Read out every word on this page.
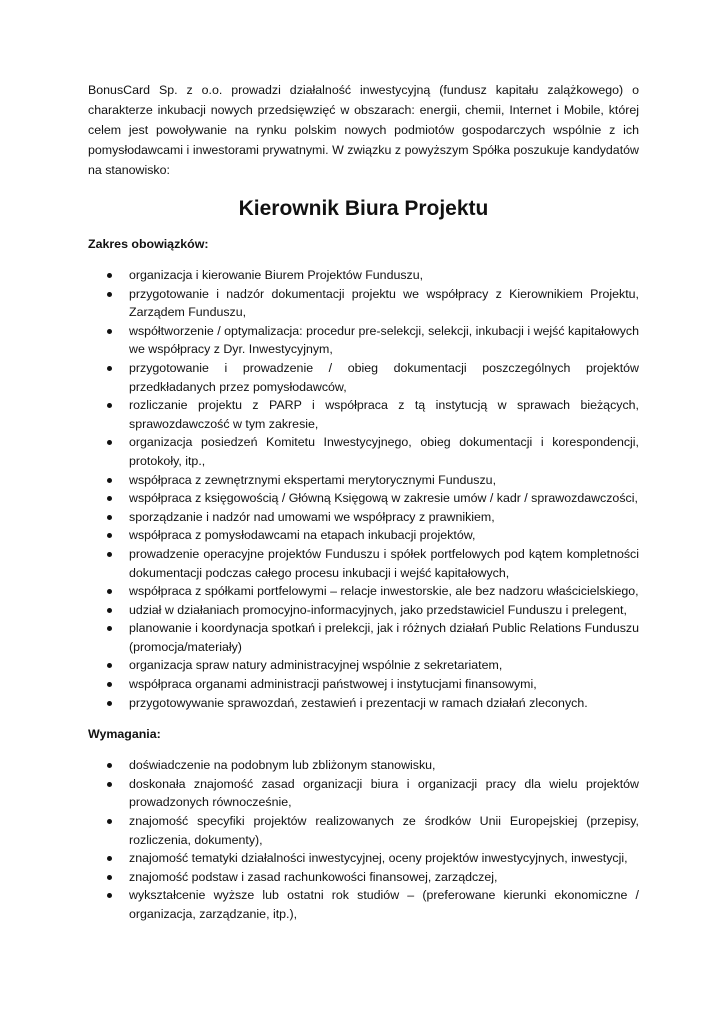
BonusCard Sp. z o.o. prowadzi działalność inwestycyjną (fundusz kapitału zalążkowego) o charakterze inkubacji nowych przedsięwzięć w obszarach: energii, chemii, Internet i Mobile, której celem jest powoływanie na rynku polskim nowych podmiotów gospodarczych wspólnie z ich pomysłodawcami i inwestorami prywatnymi. W związku z powyższym Spółka poszukuje kandydatów na stanowisko:

Kierownik Biura Projektu
Zakres obowiązków:
organizacja i kierowanie Biurem Projektów Funduszu,
przygotowanie i nadzór dokumentacji projektu we współpracy z Kierownikiem Projektu, Zarządem Funduszu,
współtworzenie / optymalizacja: procedur pre-selekcji, selekcji, inkubacji i wejść kapitałowych we współpracy z Dyr. Inwestycyjnym,
przygotowanie i prowadzenie / obieg dokumentacji poszczególnych projektów przedkładanych przez pomysłodawców,
rozliczanie projektu z PARP i współpraca z tą instytucją w sprawach bieżących, sprawozdawczość w tym zakresie,
organizacja posiedzeń Komitetu Inwestycyjnego, obieg dokumentacji i korespondencji, protokoły, itp.,
współpraca z zewnętrznymi ekspertami merytorycznymi Funduszu,
współpraca z księgowością / Główną Księgową w zakresie umów / kadr / sprawozdawczości,
sporządzanie i nadzór nad umowami we współpracy z prawnikiem,
współpraca z pomysłodawcami na etapach inkubacji projektów,
prowadzenie operacyjne projektów Funduszu i spółek portfelowych pod kątem kompletności dokumentacji podczas całego procesu inkubacji i wejść kapitałowych,
współpraca z spółkami portfelowymi – relacje inwestorskie, ale bez nadzoru właścicielskiego,
udział w działaniach promocyjno-informacyjnych, jako przedstawiciel Funduszu i prelegent,
planowanie i koordynacja spotkań i prelekcji, jak i różnych działań Public Relations Funduszu (promocja/materiały)
organizacja spraw natury administracyjnej wspólnie z sekretariatem,
współpraca organami administracji państwowej i instytucjami finansowymi,
przygotowywanie sprawozdań, zestawień i prezentacji w ramach działań zleconych.
Wymagania:
doświadczenie na podobnym lub zbliżonym stanowisku,
doskonała znajomość zasad organizacji biura i organizacji pracy dla wielu projektów prowadzonych równocześnie,
znajomość specyfiki projektów realizowanych ze środków Unii Europejskiej (przepisy, rozliczenia, dokumenty),
znajomość tematyki działalności inwestycyjnej, oceny projektów inwestycyjnych, inwestycji,
znajomość podstaw i zasad rachunkowości finansowej, zarządczej,
wykształcenie wyższe lub ostatni rok studiów – (preferowane kierunki ekonomiczne / organizacja, zarządzanie, itp.),
